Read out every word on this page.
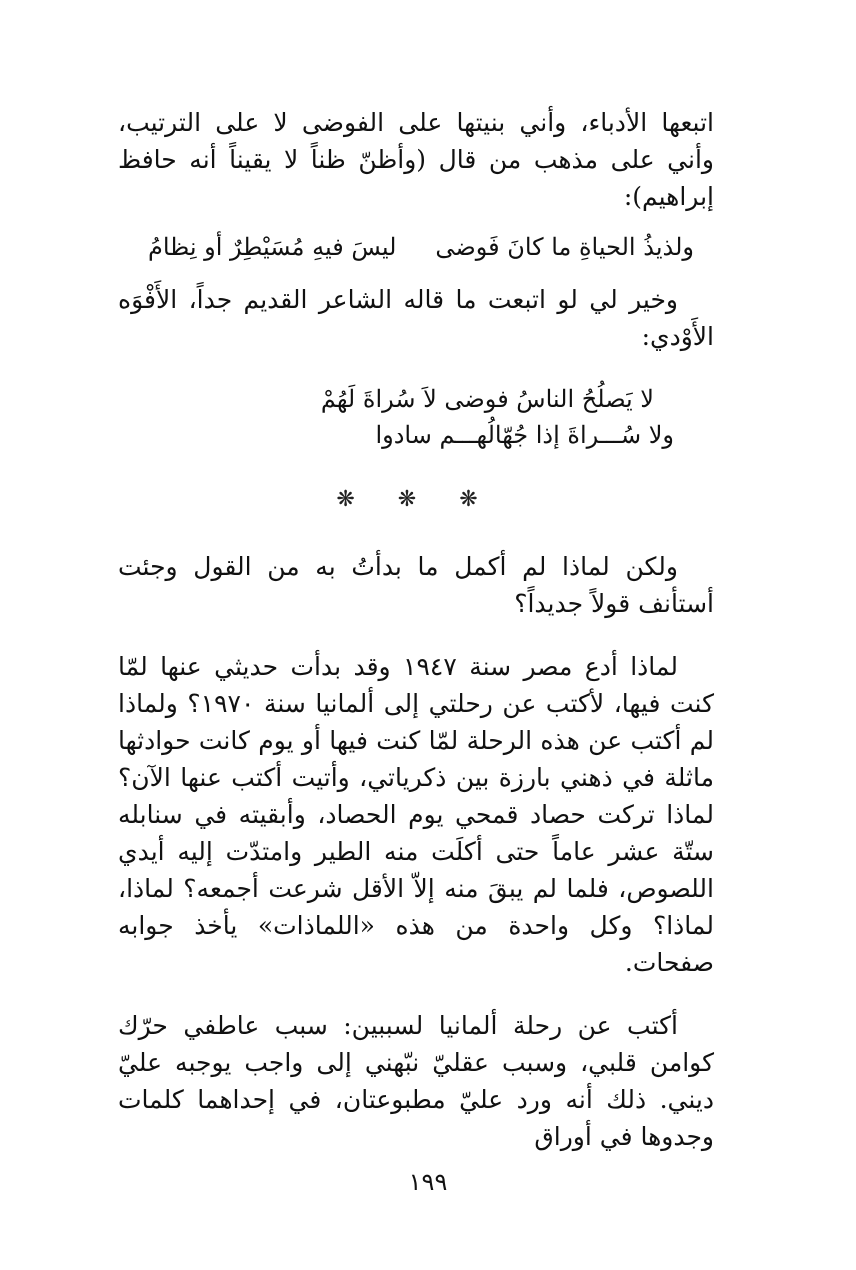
اتبعها الأدباء، وأني بنيتها على الفوضى لا على الترتيب، وأني على مذهب من قال (وأظنّ ظناً لا يقيناً أنه حافظ إبراهيم):

ولذيذُ الحياةِ ما كانَ فَوضى
ليسَ فيهِ مُسَيْطِرٌ أو نِظامُ

وخير لي لو اتبعت ما قاله الشاعر القديم جداً، الأَفْوَه الأَوْدي:

لا يَصلُحُ الناسُ فوضى لاَ سُراةَ لَهُمْ
ولا سُـــراةَ إذا جُهّالُهـــم سادوا
❋ ❋ ❋

ولكن لماذا لم أكمل ما بدأتُ به من القول وجئت أستأنف قولاً جديداً؟

لماذا أدع مصر سنة ١٩٤٧ وقد بدأت حديثي عنها لمّا كنت فيها، لأكتب عن رحلتي إلى ألمانيا سنة ١٩٧٠؟ ولماذا لم أكتب عن هذه الرحلة لمّا كنت فيها أو يوم كانت حوادثها ماثلة في ذهني بارزة بين ذكرياتي، وأتيت أكتب عنها الآن؟ لماذا تركت حصاد قمحي يوم الحصاد، وأبقيته في سنابله ستّة عشر عاماً حتى أكلَت منه الطير وامتدّت إليه أيدي اللصوص، فلما لم يبقَ منه إلاّ الأقل شرعت أجمعه؟ لماذا، لماذا؟ وكل واحدة من هذه «اللماذات» يأخذ جوابه صفحات.

أكتب عن رحلة ألمانيا لسببين: سبب عاطفي حرّك كوامن قلبي، وسبب عقليّ نبّهني إلى واجب يوجبه عليّ ديني. ذلك أنه ورد عليّ مطبوعتان، في إحداهما كلمات وجدوها في أوراق

١٩٩
